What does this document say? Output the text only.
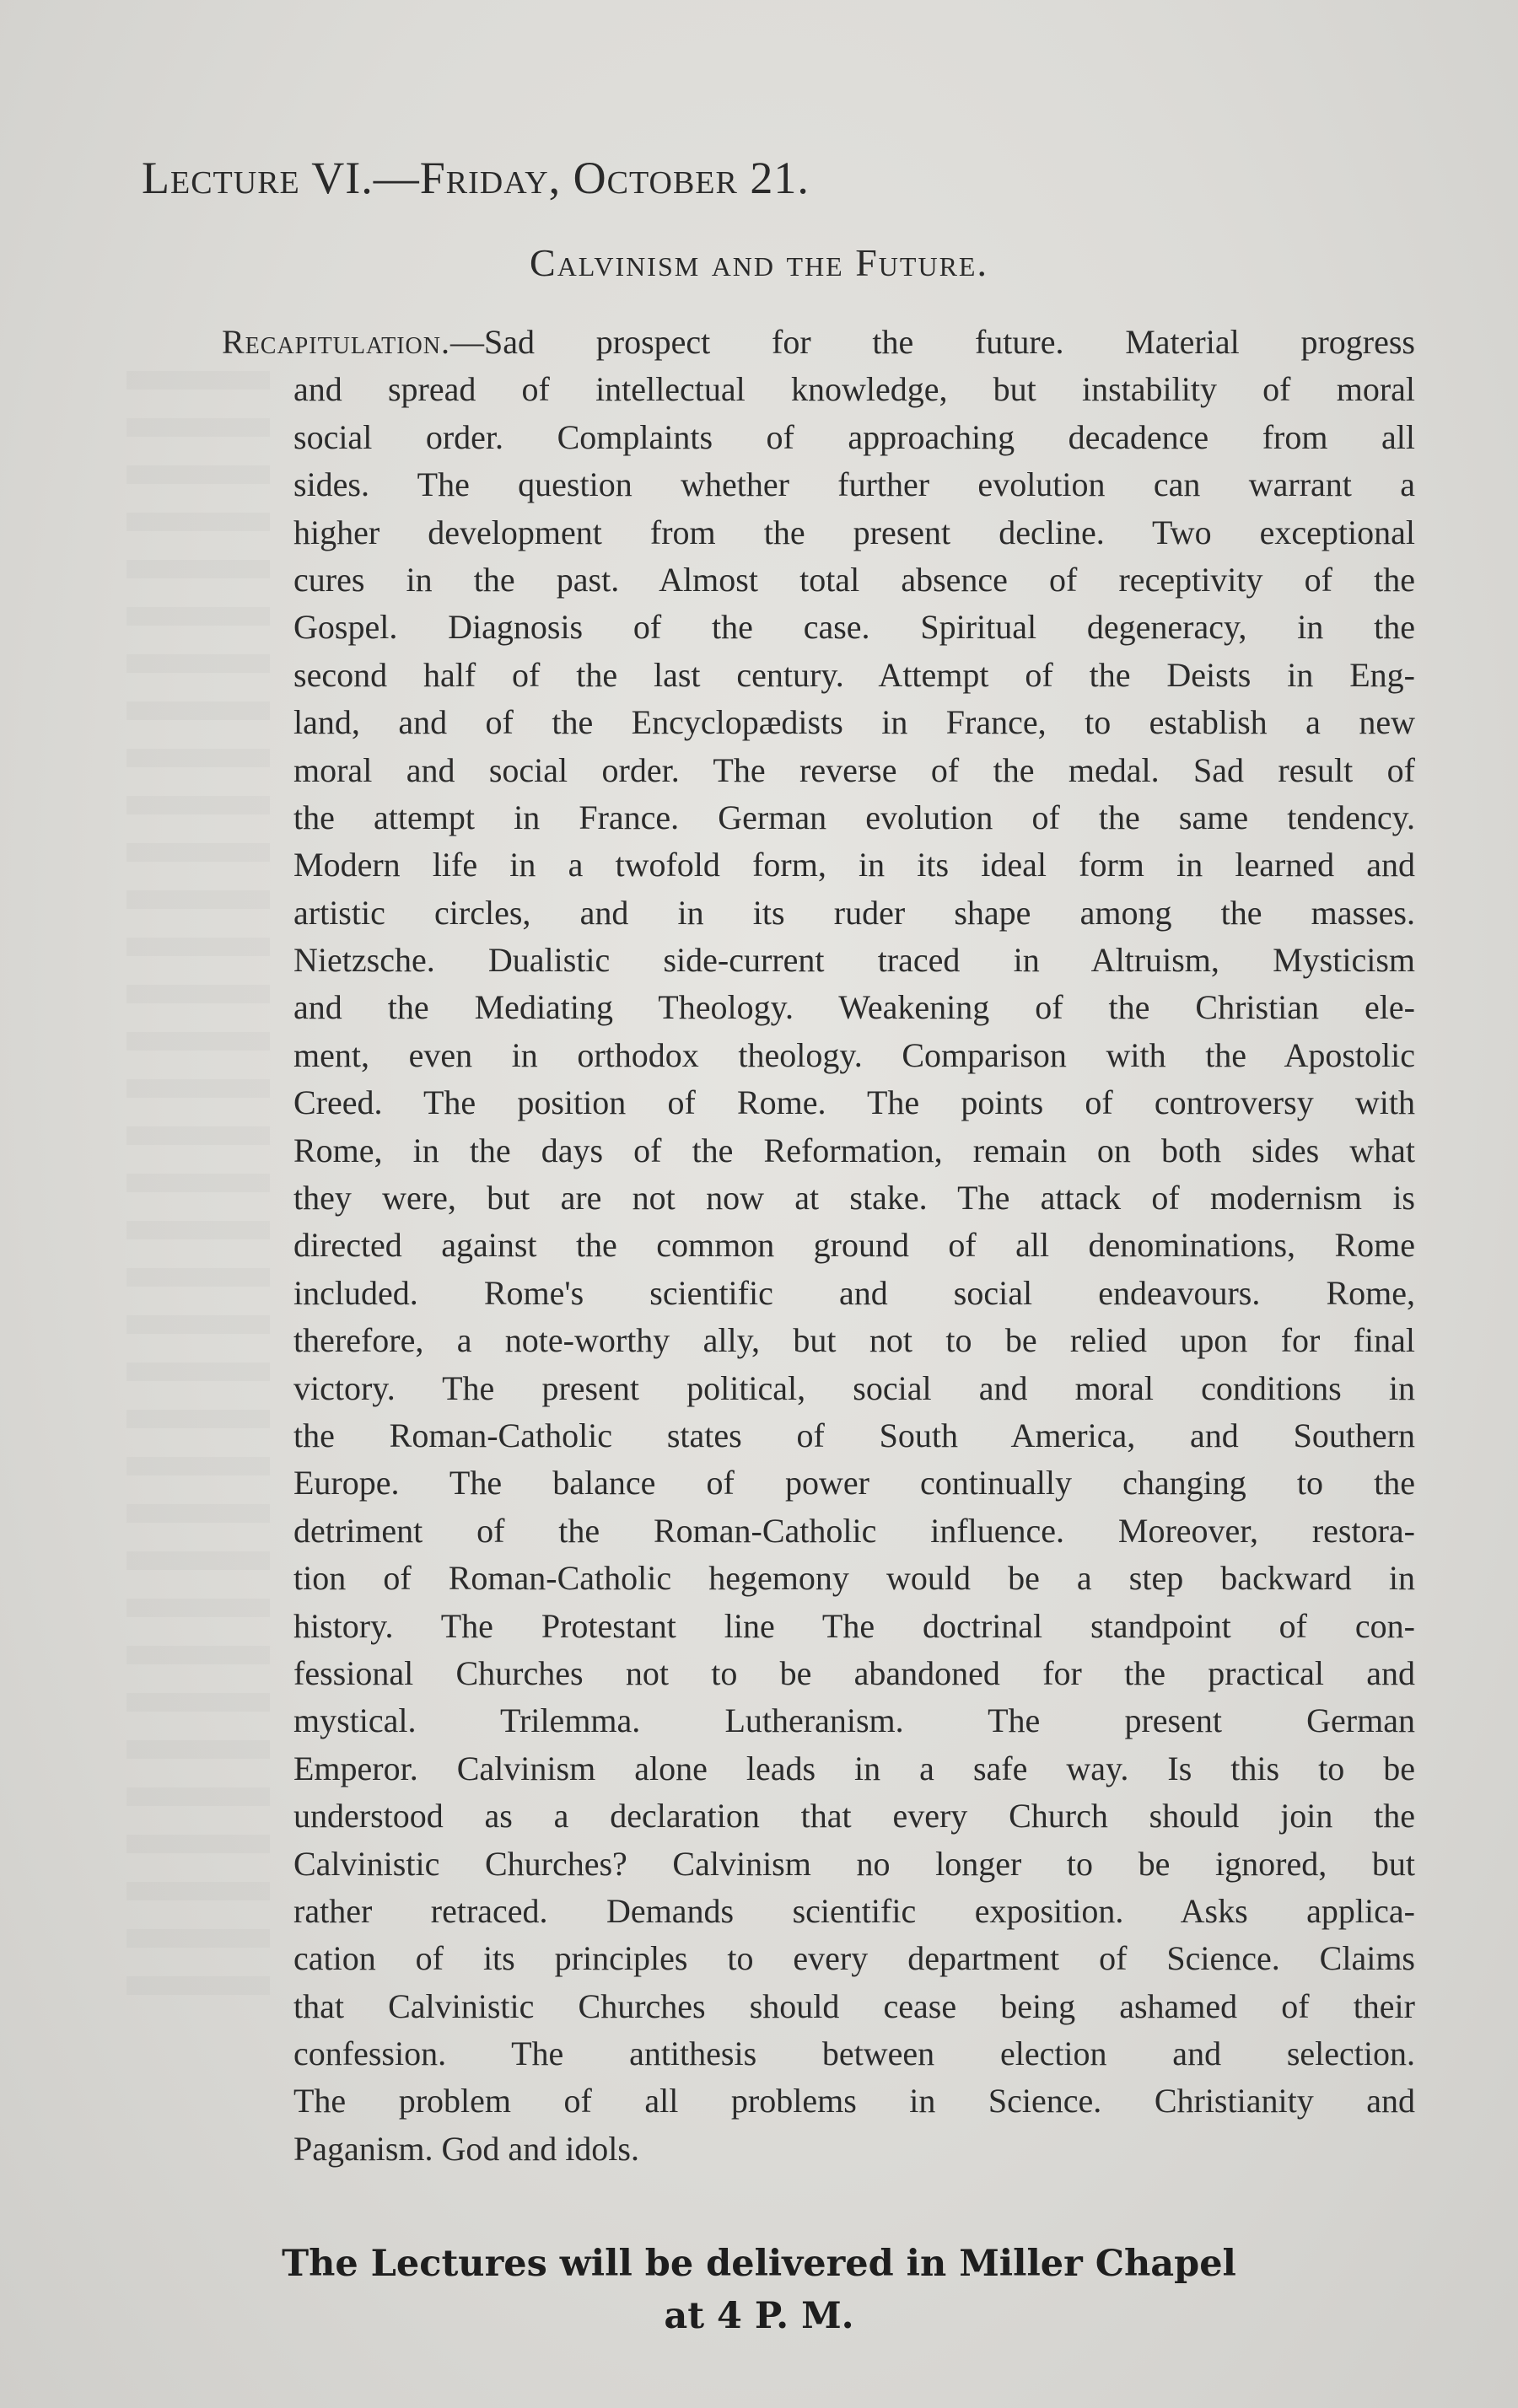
Lecture VI.—Friday, October 21.
Calvinism and the Future.
Recapitulation.—Sad prospect for the future. Material progress
and spread of intellectual knowledge, but instability of moral
social order. Complaints of approaching decadence from all
sides. The question whether further evolution can warrant a
higher development from the present decline. Two exceptional
cures in the past. Almost total absence of receptivity of the
Gospel. Diagnosis of the case. Spiritual degeneracy, in the
second half of the last century. Attempt of the Deists in Eng-
land, and of the Encyclopædists in France, to establish a new
moral and social order. The reverse of the medal. Sad result of
the attempt in France. German evolution of the same tendency.
Modern life in a twofold form, in its ideal form in learned and
artistic circles, and in its ruder shape among the masses.
Nietzsche. Dualistic side-current traced in Altruism, Mysticism
and the Mediating Theology. Weakening of the Christian ele-
ment, even in orthodox theology. Comparison with the Apostolic
Creed. The position of Rome. The points of controversy with
Rome, in the days of the Reformation, remain on both sides what
they were, but are not now at stake. The attack of modernism is
directed against the common ground of all denominations, Rome
included. Rome's scientific and social endeavours. Rome,
therefore, a note-worthy ally, but not to be relied upon for final
victory. The present political, social and moral conditions in
the Roman-Catholic states of South America, and Southern
Europe. The balance of power continually changing to the
detriment of the Roman-Catholic influence. Moreover, restora-
tion of Roman-Catholic hegemony would be a step backward in
history. The Protestant line The doctrinal standpoint of con-
fessional Churches not to be abandoned for the practical and
mystical. Trilemma. Lutheranism. The present German
Emperor. Calvinism alone leads in a safe way. Is this to be
understood as a declaration that every Church should join the
Calvinistic Churches? Calvinism no longer to be ignored, but
rather retraced. Demands scientific exposition. Asks applica-
cation of its principles to every department of Science. Claims
that Calvinistic Churches should cease being ashamed of their
confession. The antithesis between election and selection.
The problem of all problems in Science. Christianity and
Paganism. God and idols.
The Lectures will be delivered in Miller Chapel
at 4 P. M.
